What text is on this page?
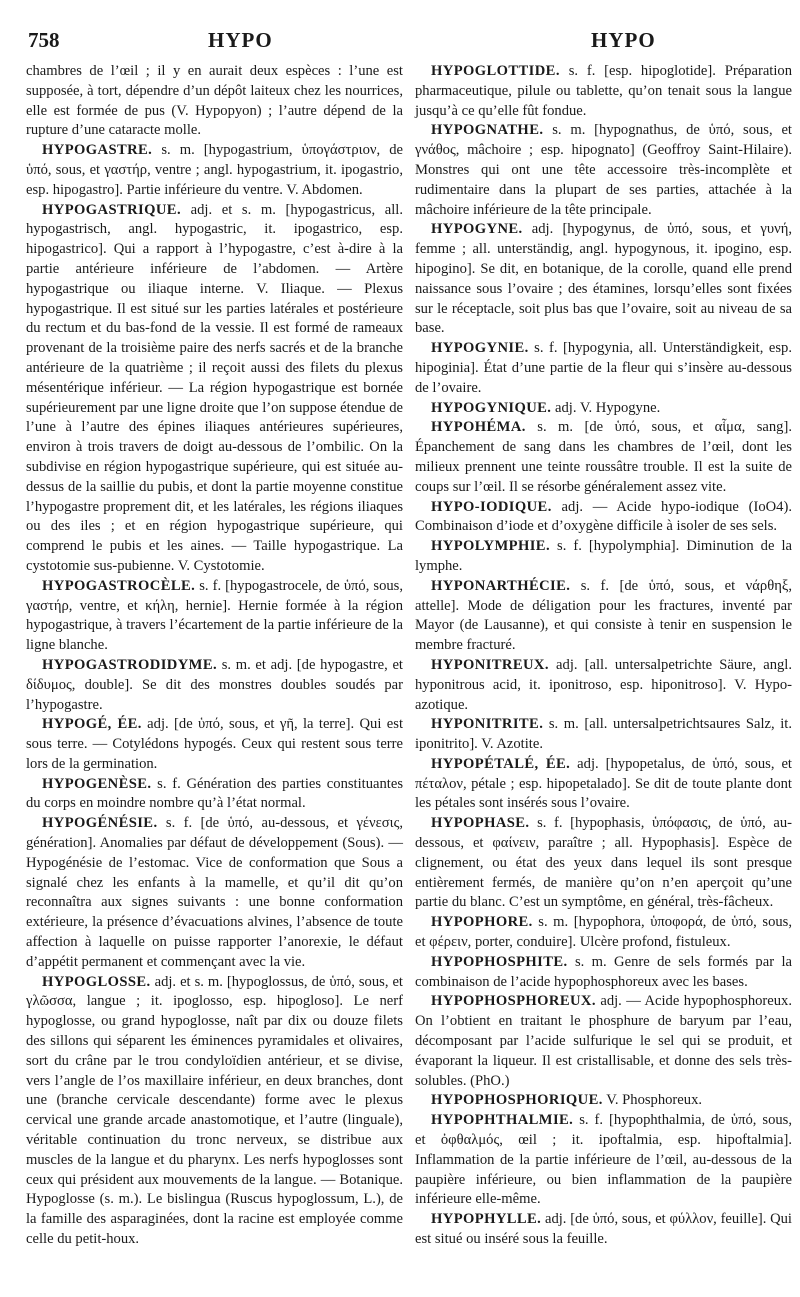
758	HYPO	HYPO

chambres de l’œil ; il y en aurait deux espèces : l’une est supposée, à tort, dépendre d’un dépôt laiteux chez les nourrices, elle est formée de pus (V. Hypopyon) ; l’autre dépend de la rupture d’une cataracte molle.

HYPOGASTRE. s. m. [hypogastrium, ὑπογάστριον, de ὑπό, sous, et γαστήρ, ventre ; angl. hypogastrium, it. ipogastrio, esp. hipogastro]. Partie inférieure du ventre. V. Abdomen.

HYPOGASTRIQUE. adj. et s. m. [hypogastricus, all. hypogastrisch, angl. hypogastric, it. ipogastrico, esp. hipogastrico]. Qui a rapport à l’hypogastre, c’est à-dire à la partie antérieure inférieure de l’abdomen. — Artère hypogastrique ou iliaque interne. V. Iliaque. — Plexus hypogastrique. Il est situé sur les parties latérales et postérieure du rectum et du bas-fond de la vessie. Il est formé de rameaux provenant de la troisième paire des nerfs sacrés et de la branche antérieure de la quatrième ; il reçoit aussi des filets du plexus mésentérique inférieur. — La région hypogastrique est bornée supérieurement par une ligne droite que l’on suppose étendue de l’une à l’autre des épines iliaques antérieures supérieures, environ à trois travers de doigt au-dessous de l’ombilic. On la subdivise en région hypogastrique supérieure, qui est située au-dessus de la saillie du pubis, et dont la partie moyenne constitue l’hypogastre proprement dit, et les latérales, les régions iliaques ou des iles ; et en région hypogastrique supérieure, qui comprend le pubis et les aines. — Taille hypogastrique. La cystotomie sus-pubienne. V. Cystotomie.

HYPOGASTROCÈLE. s. f. [hypogastrocele, de ὑπό, sous, γαστήρ, ventre, et κήλη, hernie]. Hernie formée à la région hypogastrique, à travers l’écartement de la partie inférieure de la ligne blanche.

HYPOGASTRODIDYME. s. m. et adj. [de hypogastre, et δίδυμος, double]. Se dit des monstres doubles soudés par l’hypogastre.

HYPOGÉ, ÉE. adj. [de ὑπό, sous, et γῆ, la terre]. Qui est sous terre. — Cotylédons hypogés. Ceux qui restent sous terre lors de la germination.

HYPOGENÈSE. s. f. Génération des parties constituantes du corps en moindre nombre qu’à l’état normal.

HYPOGÉNÉSIE. s. f. [de ὑπό, au-dessous, et γένεσις, génération]. Anomalies par défaut de développement (Sous). — Hypogénésie de l’estomac. Vice de conformation que Sous a signalé chez les enfants à la mamelle, et qu’il dit qu’on reconnaîtra aux signes suivants : une bonne conformation extérieure, la présence d’évacuations alvines, l’absence de toute affection à laquelle on puisse rapporter l’anorexie, le défaut d’appétit permanent et commençant avec la vie.

HYPOGLOSSE. adj. et s. m. [hypoglossus, de ὑπό, sous, et γλῶσσα, langue ; it. ipoglosso, esp. hipogloso]. Le nerf hypoglosse, ou grand hypoglosse, naît par dix ou douze filets des sillons qui séparent les éminences pyramidales et olivaires, sort du crâne par le trou condyloïdien antérieur, et se divise, vers l’angle de l’os maxillaire inférieur, en deux branches, dont une (branche cervicale descendante) forme avec le plexus cervical une grande arcade anastomotique, et l’autre (linguale), véritable continuation du tronc nerveux, se distribue aux muscles de la langue et du pharynx. Les nerfs hypoglosses sont ceux qui président aux mouvements de la langue. — Botanique. Hypoglosse (s. m.). Le bislingua (Ruscus hypoglossum, L.), de la famille des asparaginées, dont la racine est employée comme celle du petit-houx.

HYPOGLOTTIDE. s. f. [esp. hipoglotide]. Préparation pharmaceutique, pilule ou tablette, qu’on tenait sous la langue jusqu’à ce qu’elle fût fondue.

HYPOGNATHE. s. m. [hypognathus, de ὑπό, sous, et γνάθος, mâchoire ; esp. hipognato] (Geoffroy Saint-Hilaire). Monstres qui ont une tête accessoire très-incomplète et rudimentaire dans la plupart de ses parties, attachée à la mâchoire inférieure de la tête principale.

HYPOGYNE. adj. [hypogynus, de ὑπό, sous, et γυνή, femme ; all. unterständig, angl. hypogynous, it. ipogino, esp. hipogino]. Se dit, en botanique, de la corolle, quand elle prend naissance sous l’ovaire ; des étamines, lorsqu’elles sont fixées sur le réceptacle, soit plus bas que l’ovaire, soit au niveau de sa base.

HYPOGYNIE. s. f. [hypogynia, all. Unterständigkeit, esp. hipoginia]. État d’une partie de la fleur qui s’insère au-dessous de l’ovaire.

HYPOGYNIQUE. adj. V. Hypogyne.

HYPOHÉMA. s. m. [de ὑπό, sous, et αἷμα, sang]. Épanchement de sang dans les chambres de l’œil, dont les milieux prennent une teinte roussâtre trouble. Il est la suite de coups sur l’œil. Il se résorbe généralement assez vite.

HYPO-IODIQUE. adj. — Acide hypo-iodique (IoO4). Combinaison d’iode et d’oxygène difficile à isoler de ses sels.

HYPOLYMPHIE. s. f. [hypolymphia]. Diminution de la lymphe.

HYPONARTHÉCIE. s. f. [de ὑπό, sous, et νάρθηξ, attelle]. Mode de déligation pour les fractures, inventé par Mayor (de Lausanne), et qui consiste à tenir en suspension le membre fracturé.

HYPONITREUX. adj. [all. untersalpetrichte Säure, angl. hyponitrous acid, it. iponitroso, esp. hiponitroso]. V. Hypo-azotique.

HYPONITRITE. s. m. [all. untersalpetrichtsaures Salz, it. iponitrito]. V. Azotite.

HYPOPÉTALÉ, ÉE. adj. [hypopetalus, de ὑπό, sous, et πέταλον, pétale ; esp. hipopetalado]. Se dit de toute plante dont les pétales sont insérés sous l’ovaire.

HYPOPHASE. s. f. [hypophasis, ὑπόφασις, de ὑπό, au-dessous, et φαίνειν, paraître ; all. Hypophasis]. Espèce de clignement, ou état des yeux dans lequel ils sont presque entièrement fermés, de manière qu’on n’en aperçoit qu’une partie du blanc. C’est un symptôme, en général, très-fâcheux.

HYPOPHORE. s. m. [hypophora, ὑποφορά, de ὑπό, sous, et φέρειν, porter, conduire]. Ulcère profond, fistuleux.

HYPOPHOSPHITE. s. m. Genre de sels formés par la combinaison de l’acide hypophosphoreux avec les bases.

HYPOPHOSPHOREUX. adj. — Acide hypophosphoreux. On l’obtient en traitant le phosphure de baryum par l’eau, décomposant par l’acide sulfurique le sel qui se produit, et évaporant la liqueur. Il est cristallisable, et donne des sels très-solubles. (PhO.)

HYPOPHOSPHORIQUE. V. Phosphoreux.

HYPOPHTHALMIE. s. f. [hypophthalmia, de ὑπό, sous, et ὀφθαλμός, œil ; it. ipoftalmia, esp. hipoftalmia]. Inflammation de la partie inférieure de l’œil, au-dessous de la paupière inférieure, ou bien inflammation de la paupière inférieure elle-même.

HYPOPHYLLE. adj. [de ὑπό, sous, et φύλλον, feuille]. Qui est situé ou inséré sous la feuille.
